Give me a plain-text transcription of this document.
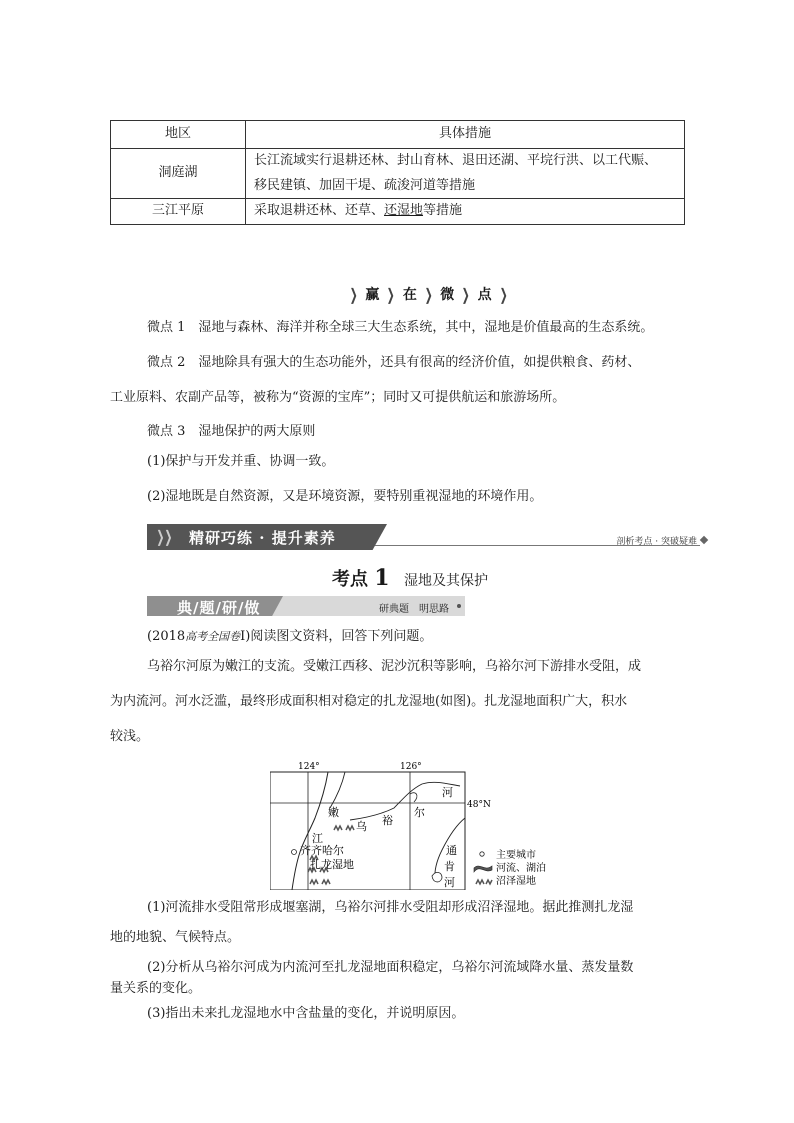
地区	具体措施
洞庭湖	长江流域实行退耕还林、封山育林、退田还湖、平垸行洪、以工代赈、
移民建镇、加固干堤、疏浚河道等措施

三江平原	采取退耕还林、还草、还湿地等措施
❯ 赢 ❯ 在 ❯ 微 ❯ 点 ❯
微点 1　 湿地与森林、海洋并称全球三大生态系统，其中，湿地是价值最高的生态系统。
微点 2　 湿地除具有强大的生态功能外，还具有很高的经济价值，如提供粮食、药材、
工业原料、农副产品等，被称为“资源的宝库”；同时又可提供航运和旅游场所。
微点 3　 湿地保护的两大原则
(1)保护与开发并重、协调一致。
(2)湿地既是自然资源，又是环境资源，要特别重视湿地的环境作用。
❯❯ 精研巧练 · 提升素养	剖析考点 · 突破疑难
考点 1 湿地及其保护
典/题/研/做	研典题　明思路
(2018高考全国卷Ⅰ)阅读图文资料，回答下列问题。
乌裕尔河原为嫩江的支流。受嫩江西移、泥沙沉积等影响，乌裕尔河下游排水受阻，成
为内流河。河水泛滥，最终形成面积相对稳定的扎龙湿地(如图)。扎龙湿地面积广大，积水
较浅。
124°	126°
48°N
嫩
江
乌 裕
尔
河
齐齐哈尔
扎龙湿地
通
肯
河
主要城市
河流、湖泊
沼泽湿地
(1)河流排水受阻常形成堰塞湖，乌裕尔河排水受阻却形成沼泽湿地。据此推测扎龙湿
地的地貌、气候特点。
(2)分析从乌裕尔河成为内流河至扎龙湿地面积稳定，乌裕尔河流域降水量、蒸发量数
量关系的变化。
(3)指出未来扎龙湿地水中含盐量的变化，并说明原因。
